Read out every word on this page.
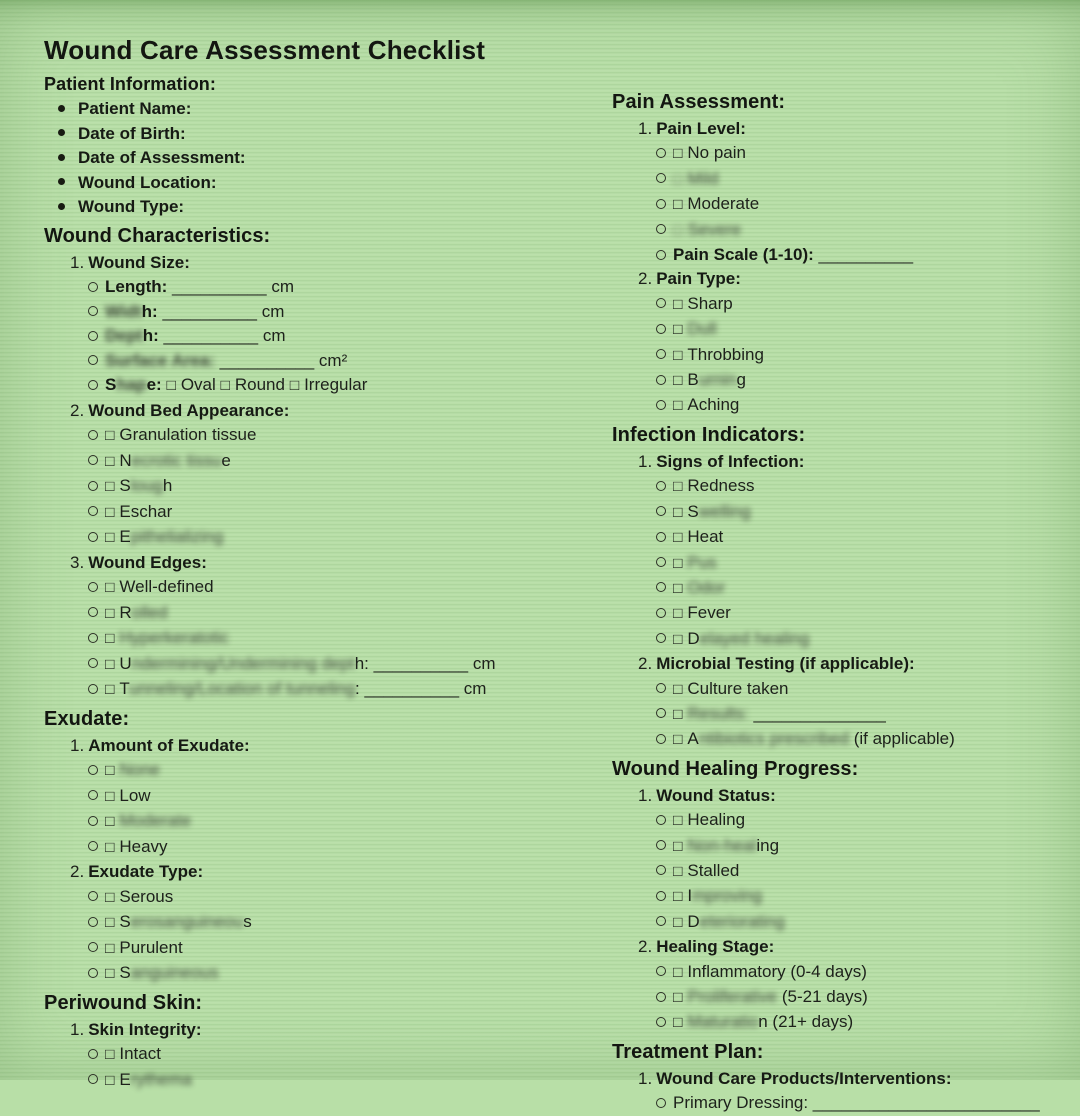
Wound Care Assessment Checklist
Patient Information:
Patient Name:
Date of Birth:
Date of Assessment:
Wound Location:
Wound Type:
Wound Characteristics:
1. Wound Size:
Length: __________ cm
Width: __________ cm
Depth: __________ cm
Surface Area: __________ cm²
Shape: □ Oval □ Round □ Irregular
2. Wound Bed Appearance:
□ Granulation tissue
□ Necrotic tissue
□ Slough
□ Eschar
□ Epithelializing
3. Wound Edges:
□ Well-defined
□ Rolled
□ Hyperkeratotic
□ Undermining/Undermining depth: __________ cm
□ Tunneling/Location of tunneling: __________ cm
Exudate:
1. Amount of Exudate:
□ None
□ Low
□ Moderate
□ Heavy
2. Exudate Type:
□ Serous
□ Serosanguineous
□ Purulent
□ Sanguineous
Periwound Skin:
1. Skin Integrity:
□ Intact
□ Erythema
Pain Assessment:
1. Pain Level:
□ No pain
□ Mild
□ Moderate
□ Severe
Pain Scale (1-10): __________
2. Pain Type:
□ Sharp
□ Dull
□ Throbbing
□ Burning
□ Aching
Infection Indicators:
1. Signs of Infection:
□ Redness
□ Swelling
□ Heat
□ Pus
□ Odor
□ Fever
□ Delayed healing
2. Microbial Testing (if applicable):
□ Culture taken
□ Results: ______________
□ Antibiotics prescribed (if applicable)
Wound Healing Progress:
1. Wound Status:
□ Healing
□ Non-healing
□ Stalled
□ Improving
□ Deteriorating
2. Healing Stage:
□ Inflammatory (0-4 days)
□ Proliferative (5-21 days)
□ Maturation (21+ days)
Treatment Plan:
1. Wound Care Products/Interventions:
Primary Dressing: ________________________
